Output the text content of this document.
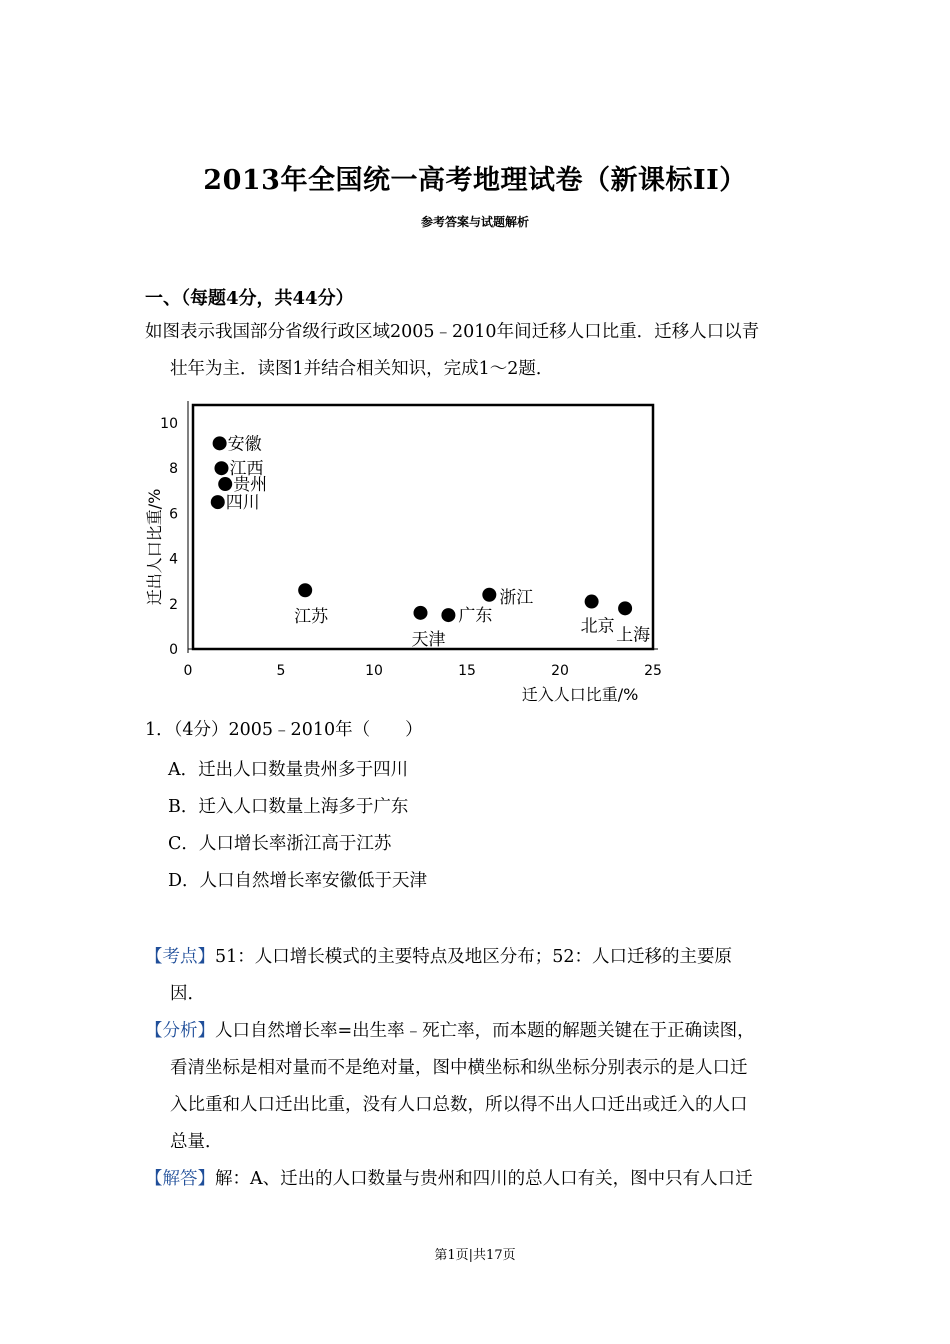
2013年全国统一高考地理试卷（新课标II）
参考答案与试题解析
一、（每题4分，共44分）
如图表示我国部分省级行政区域2005﹣2010年间迁移人口比重．迁移人口以青
壮年为主．读图1并结合相关知识，完成1～2题．
0	5	10	15	20	25
0
2
4
6
8
10
安徽
江西
贵州
四川
江苏
天津
广东
浙江
北京 上海
迁出人口比重/%
迁入人口比重/%
1．（4分）2005﹣2010年（　　）
A．迁出人口数量贵州多于四川
B．迁入人口数量上海多于广东
C．人口增长率浙江高于江苏
D．人口自然增长率安徽低于天津
【考点】51：人口增长模式的主要特点及地区分布；52：人口迁移的主要原
因．
【分析】人口自然增长率=出生率﹣死亡率，而本题的解题关键在于正确读图，
看清坐标是相对量而不是绝对量，图中横坐标和纵坐标分别表示的是人口迁
入比重和人口迁出比重，没有人口总数，所以得不出人口迁出或迁入的人口
总量．
【解答】解：A、迁出的人口数量与贵州和四川的总人口有关，图中只有人口迁
第1页|共17页
